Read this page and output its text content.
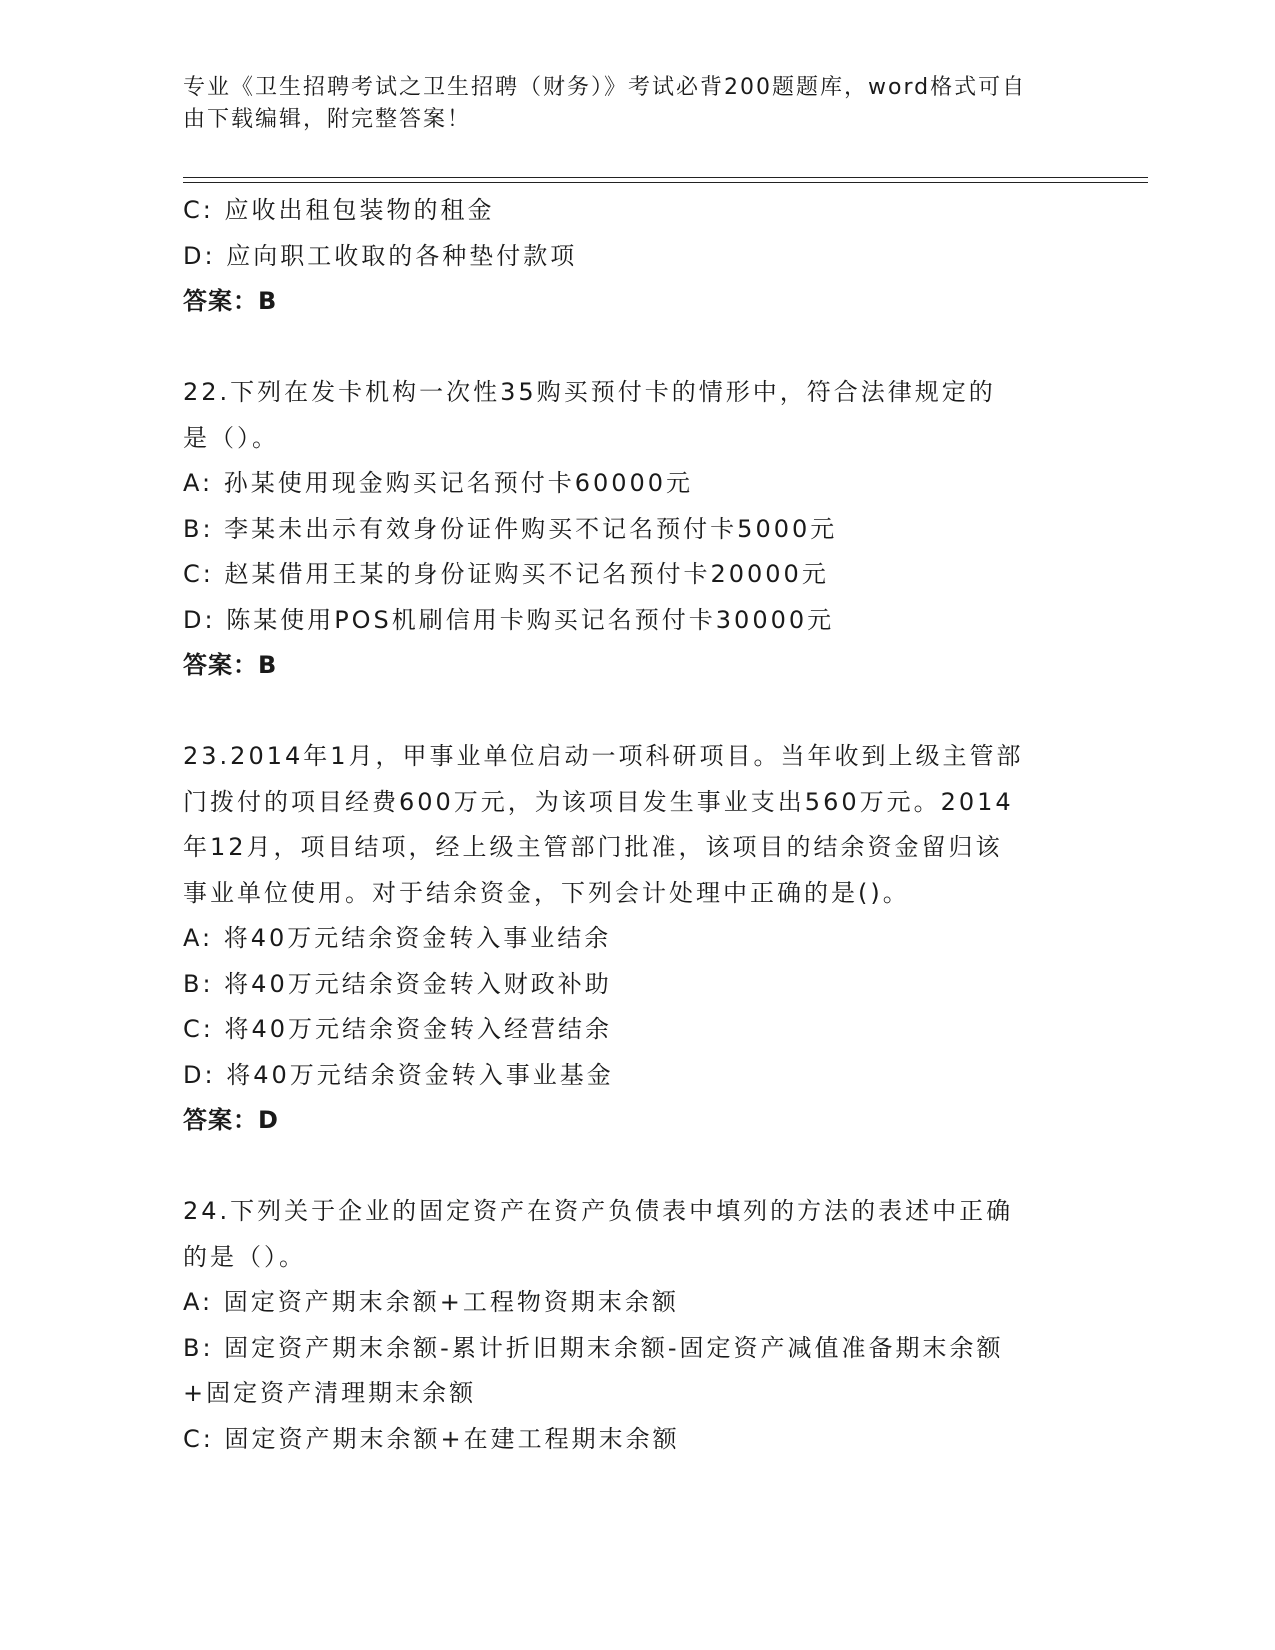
专业《卫生招聘考试之卫生招聘（财务）》考试必背200题题库，word格式可自
由下载编辑，附完整答案！
C: 应收出租包装物的租金
D: 应向职工收取的各种垫付款项
答案：B
22.下列在发卡机构一次性35购买预付卡的情形中，符合法律规定的
是（）。
A: 孙某使用现金购买记名预付卡60000元
B: 李某未出示有效身份证件购买不记名预付卡5000元
C: 赵某借用王某的身份证购买不记名预付卡20000元
D: 陈某使用POS机刷信用卡购买记名预付卡30000元
答案：B
23.2014年1月，甲事业单位启动一项科研项目。当年收到上级主管部
门拨付的项目经费600万元，为该项目发生事业支出560万元。2014
年12月，项目结项，经上级主管部门批准，该项目的结余资金留归该
事业单位使用。对于结余资金，下列会计处理中正确的是()。
A: 将40万元结余资金转入事业结余
B: 将40万元结余资金转入财政补助
C: 将40万元结余资金转入经营结余
D: 将40万元结余资金转入事业基金
答案：D
24.下列关于企业的固定资产在资产负债表中填列的方法的表述中正确
的是（）。
A: 固定资产期末余额+工程物资期末余额
B: 固定资产期末余额-累计折旧期末余额-固定资产减值准备期末余额
+固定资产清理期末余额
C: 固定资产期末余额+在建工程期末余额
